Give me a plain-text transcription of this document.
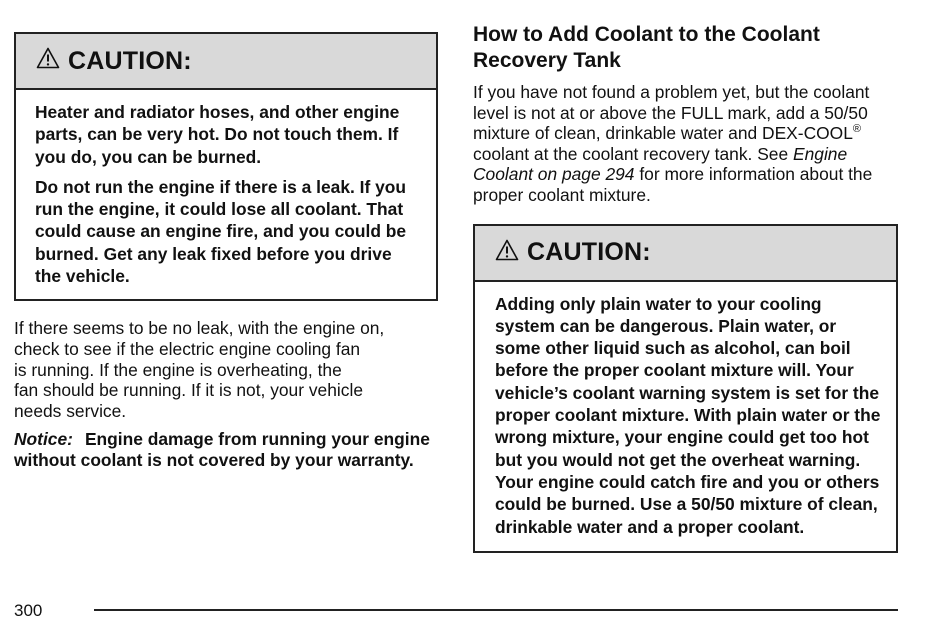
CAUTION:

Heater and radiator hoses, and other engine parts, can be very hot. Do not touch them. If you do, you can be burned.

Do not run the engine if there is a leak. If you run the engine, it could lose all coolant. That could cause an engine fire, and you could be burned. Get any leak fixed before you drive the vehicle.

If there seems to be no leak, with the engine on,
check to see if the electric engine cooling fan
is running. If the engine is overheating, the
fan should be running. If it is not, your vehicle
needs service.

Notice: Engine damage from running your engine without coolant is not covered by your warranty.

How to Add Coolant to the Coolant
Recovery Tank

If you have not found a problem yet, but the coolant level is not at or above the FULL mark, add a 50/50 mixture of clean, drinkable water and DEX-COOL® coolant at the coolant recovery tank. See Engine Coolant on page 294 for more information about the proper coolant mixture.

CAUTION:

Adding only plain water to your cooling system can be dangerous. Plain water, or some other liquid such as alcohol, can boil before the proper coolant mixture will. Your vehicle’s coolant warning system is set for the proper coolant mixture. With plain water or the wrong mixture, your engine could get too hot but you would not get the overheat warning. Your engine could catch fire and you or others could be burned. Use a 50/50 mixture of clean, drinkable water and a proper coolant.

300
